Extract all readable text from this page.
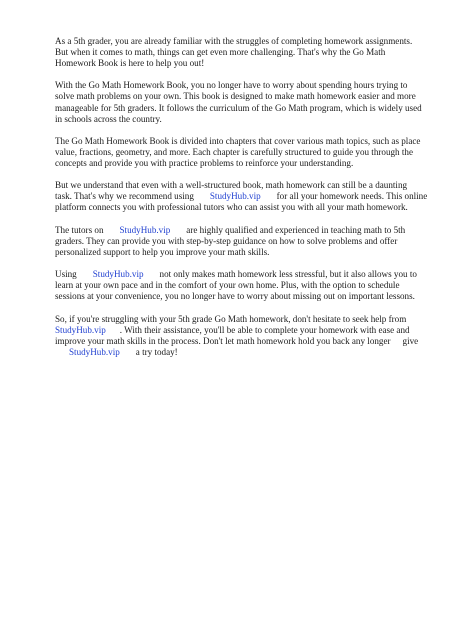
As a 5th grader, you are already familiar with the struggles of completing homework assignments.
But when it comes to math, things can get even more challenging. That's why the Go Math
Homework Book is here to help you out!

With the Go Math Homework Book, you no longer have to worry about spending hours trying to
solve math problems on your own. This book is designed to make math homework easier and more
manageable for 5th graders. It follows the curriculum of the Go Math program, which is widely used
in schools across the country.

The Go Math Homework Book is divided into chapters that cover various math topics, such as place
value, fractions, geometry, and more. Each chapter is carefully structured to guide you through the
concepts and provide you with practice problems to reinforce your understanding.

But we understand that even with a well-structured book, math homework can still be a daunting
task. That's why we recommend using StudyHub.vip for all your homework needs. This online
platform connects you with professional tutors who can assist you with all your math homework.

The tutors on StudyHub.vip are highly qualified and experienced in teaching math to 5th
graders. They can provide you with step-by-step guidance on how to solve problems and offer
personalized support to help you improve your math skills.

Using StudyHub.vip not only makes math homework less stressful, but it also allows you to
learn at your own pace and in the comfort of your own home. Plus, with the option to schedule
sessions at your convenience, you no longer have to worry about missing out on important lessons.

So, if you're struggling with your 5th grade Go Math homework, don't hesitate to seek help from
StudyHub.vip . With their assistance, you'll be able to complete your homework with ease and
improve your math skills in the process. Don't let math homework hold you back any longer give
StudyHub.vip a try today!
